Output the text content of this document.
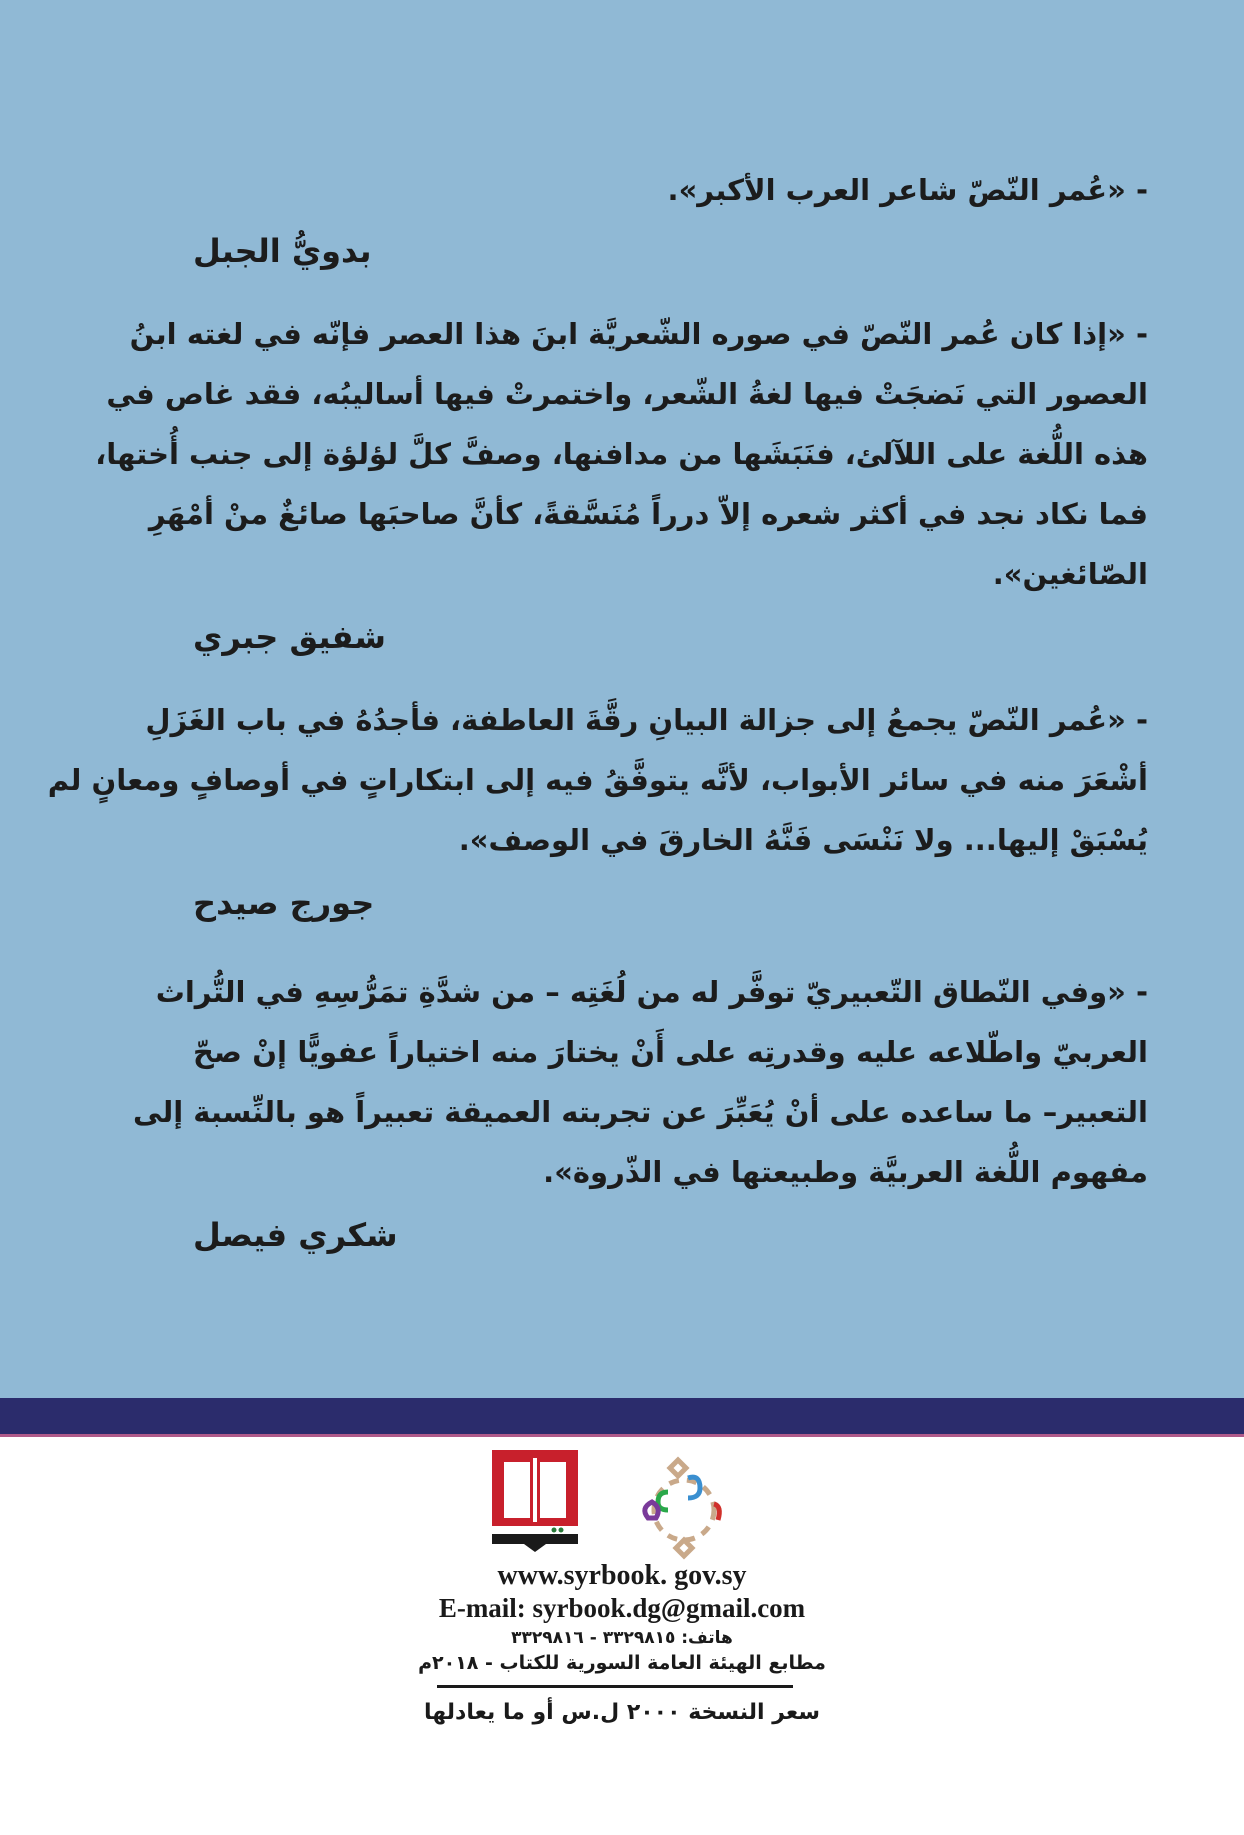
- «عُمر النّصّ شاعر العرب الأكبر».
بدويُّ الجبل
- «إذا كان عُمر النّصّ في صوره الشّعريَّة ابنَ هذا العصر فإنّه في لغته ابنُ
العصور التي نَضجَتْ فيها لغةُ الشّعر، واختمرتْ فيها أساليبُه، فقد غاص في
هذه اللُّغة على اللآلئ، فنَبَشَها من مدافنها، وصفَّ كلَّ لؤلؤة إلى جنب أُختها،
فما نكاد نجد في أكثر شعره إلاّ درراً مُنَسَّقةً، كأنَّ صاحبَها صائغٌ منْ أمْهَرِ
الصّائغين».
شفيق جبري
- «عُمر النّصّ يجمعُ إلى جزالة البيانِ رقَّةَ العاطفة، فأجدُهُ في باب الغَزَلِ
أشْعَرَ منه في سائر الأبواب، لأنَّه يتوفَّقُ فيه إلى ابتكاراتٍ في أوصافٍ ومعانٍ لم
يُسْبَقْ إليها... ولا نَنْسَى فَنَّهُ الخارقَ في الوصف».
جورج صيدح
- «وفي النّطاق التّعبيريّ توفَّر له من لُغَتِه – من شدَّةِ تمَرُّسِهِ في التُّراث
العربيّ واطّلاعه عليه وقدرتِه على أَنْ يختارَ منه اختياراً عفويًّا إنْ صحّ
التعبير– ما ساعده على أنْ يُعَبِّرَ عن تجربته العميقة تعبيراً هو بالنِّسبة إلى
مفهوم اللُّغة العربيَّة وطبيعتها في الذّروة».
شكري فيصل
www.syrbook. gov.sy
E-mail: syrbook.dg@gmail.com
هاتف: ٣٣٢٩٨١٥ - ٣٣٢٩٨١٦
مطابع الهيئة العامة السورية للكتاب - ٢٠١٨م
سعر النسخة ٢٠٠٠ ل.س أو ما يعادلها
